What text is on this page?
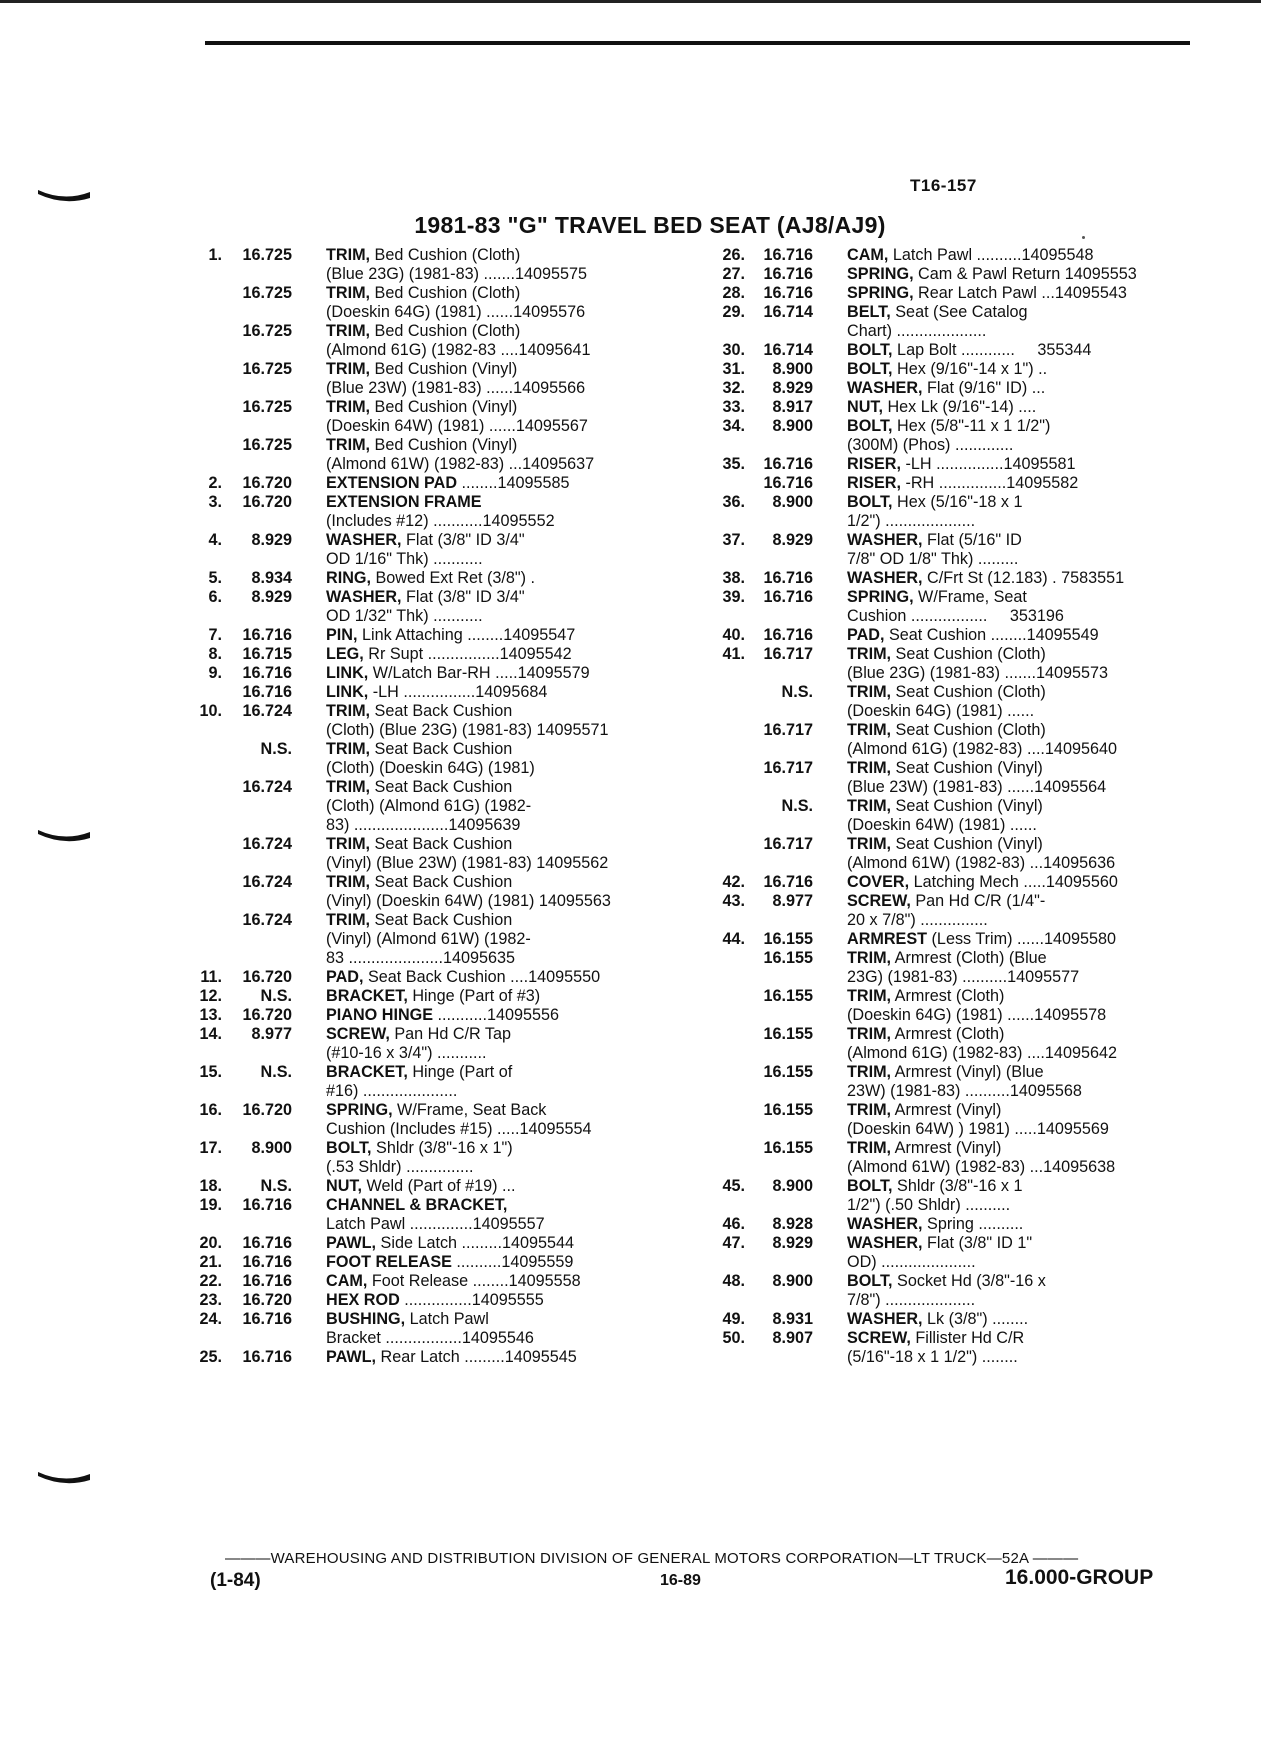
T16-157
1981-83 "G" TRAVEL BED SEAT (AJ8/AJ9)
1.	16.725 TRIM, Bed Cushion (Cloth)
(Blue 23G) (1981-83) .......14095575
16.725 TRIM, Bed Cushion (Cloth)
(Doeskin 64G) (1981) ......14095576
16.725 TRIM, Bed Cushion (Cloth)
(Almond 61G) (1982-83 ....14095641
16.725 TRIM, Bed Cushion (Vinyl)
(Blue 23W) (1981-83) ......14095566
16.725 TRIM, Bed Cushion (Vinyl)
(Doeskin 64W) (1981) ......14095567
16.725 TRIM, Bed Cushion (Vinyl)
(Almond 61W) (1982-83) ...14095637
2.	16.720 EXTENSION PAD ........14095585
3.	16.720 EXTENSION FRAME
(Includes #12) ...........14095552
4.	8.929 WASHER, Flat (3/8" ID 3/4"
OD 1/16" Thk) ...........
5.	8.934 RING, Bowed Ext Ret (3/8") .
6.	8.929 WASHER, Flat (3/8" ID 3/4"
OD 1/32" Thk) ...........
7.	16.716 PIN, Link Attaching ........14095547
8.	16.715 LEG, Rr Supt ................14095542
9.	16.716 LINK, W/Latch Bar-RH .....14095579
16.716 LINK, -LH ................14095684
10.	16.724 TRIM, Seat Back Cushion
(Cloth) (Blue 23G) (1981-83) 14095571
N.S. TRIM, Seat Back Cushion
(Cloth) (Doeskin 64G) (1981)
16.724 TRIM, Seat Back Cushion
(Cloth) (Almond 61G) (1982-
83) .....................14095639
16.724 TRIM, Seat Back Cushion
(Vinyl) (Blue 23W) (1981-83) 14095562
16.724 TRIM, Seat Back Cushion
(Vinyl) (Doeskin 64W) (1981) 14095563
16.724 TRIM, Seat Back Cushion
(Vinyl) (Almond 61W) (1982-
83 .....................14095635
11.	16.720 PAD, Seat Back Cushion ....14095550
12.	N.S. BRACKET, Hinge (Part of #3)
13.	16.720 PIANO HINGE ...........14095556
14.	8.977 SCREW, Pan Hd C/R Tap
(#10-16 x 3/4") ...........
15.	N.S. BRACKET, Hinge (Part of
#16) .....................
16.	16.720 SPRING, W/Frame, Seat Back
Cushion (Includes #15) .....14095554
17.	8.900 BOLT, Shldr (3/8"-16 x 1")
(.53 Shldr) ...............
18.	N.S. NUT, Weld (Part of #19) ...
19.	16.716 CHANNEL & BRACKET,
Latch Pawl ..............14095557
20.	16.716 PAWL, Side Latch .........14095544
21.	16.716 FOOT RELEASE ..........14095559
22.	16.716 CAM, Foot Release ........14095558
23.	16.720 HEX ROD ...............14095555
24.	16.716 BUSHING, Latch Pawl
Bracket .................14095546
25.	16.716 PAWL, Rear Latch .........14095545
26.	16.716 CAM, Latch Pawl ..........14095548
27.	16.716 SPRING, Cam & Pawl Return 14095553
28.	16.716 SPRING, Rear Latch Pawl ...14095543
29.	16.714 BELT, Seat (See Catalog
Chart) ....................
30.	16.714 BOLT, Lap Bolt ............     355344
31.	8.900 BOLT, Hex (9/16"-14 x 1") ..
32.	8.929 WASHER, Flat (9/16" ID) ...
33.	8.917 NUT, Hex Lk (9/16"-14) ....
34.	8.900 BOLT, Hex (5/8"-11 x 1 1/2")
(300M) (Phos) .............
35.	16.716 RISER, -LH ...............14095581
16.716 RISER, -RH ...............14095582
36.	8.900 BOLT, Hex (5/16"-18 x 1
1/2") ....................
37.	8.929 WASHER, Flat (5/16" ID
7/8" OD 1/8" Thk) .........
38.	16.716 WASHER, C/Frt St (12.183) . 7583551
39.	16.716 SPRING, W/Frame, Seat
Cushion .................     353196
40.	16.716 PAD, Seat Cushion ........14095549
41.	16.717 TRIM, Seat Cushion (Cloth)
(Blue 23G) (1981-83) .......14095573
N.S. TRIM, Seat Cushion (Cloth)
(Doeskin 64G) (1981) ......
16.717 TRIM, Seat Cushion (Cloth)
(Almond 61G) (1982-83) ....14095640
16.717 TRIM, Seat Cushion (Vinyl)
(Blue 23W) (1981-83) ......14095564
N.S. TRIM, Seat Cushion (Vinyl)
(Doeskin 64W) (1981) ......
16.717 TRIM, Seat Cushion (Vinyl)
(Almond 61W) (1982-83) ...14095636
42.	16.716 COVER, Latching Mech .....14095560
43.	8.977 SCREW, Pan Hd C/R (1/4"-
20 x 7/8") ...............
44.	16.155 ARMREST (Less Trim) ......14095580
16.155 TRIM, Armrest (Cloth) (Blue
23G) (1981-83) ..........14095577
16.155 TRIM, Armrest (Cloth)
(Doeskin 64G) (1981) ......14095578
16.155 TRIM, Armrest (Cloth)
(Almond 61G) (1982-83) ....14095642
16.155 TRIM, Armrest (Vinyl) (Blue
23W) (1981-83) ..........14095568
16.155 TRIM, Armrest (Vinyl)
(Doeskin 64W) ) 1981) .....14095569
16.155 TRIM, Armrest (Vinyl)
(Almond 61W) (1982-83) ...14095638
45.	8.900 BOLT, Shldr (3/8"-16 x 1
1/2") (.50 Shldr) ..........
46.	8.928 WASHER, Spring ..........
47.	8.929 WASHER, Flat (3/8" ID 1"
OD) .....................
48.	8.900 BOLT, Socket Hd (3/8"-16 x
7/8") ....................
49.	8.931 WASHER, Lk (3/8") ........
50.	8.907 SCREW, Fillister Hd C/R
(5/16"-18 x 1 1/2") ........
———WAREHOUSING AND DISTRIBUTION DIVISION OF GENERAL MOTORS CORPORATION—LT TRUCK—52A ———
(1-84)	16-89	16.000-GROUP
